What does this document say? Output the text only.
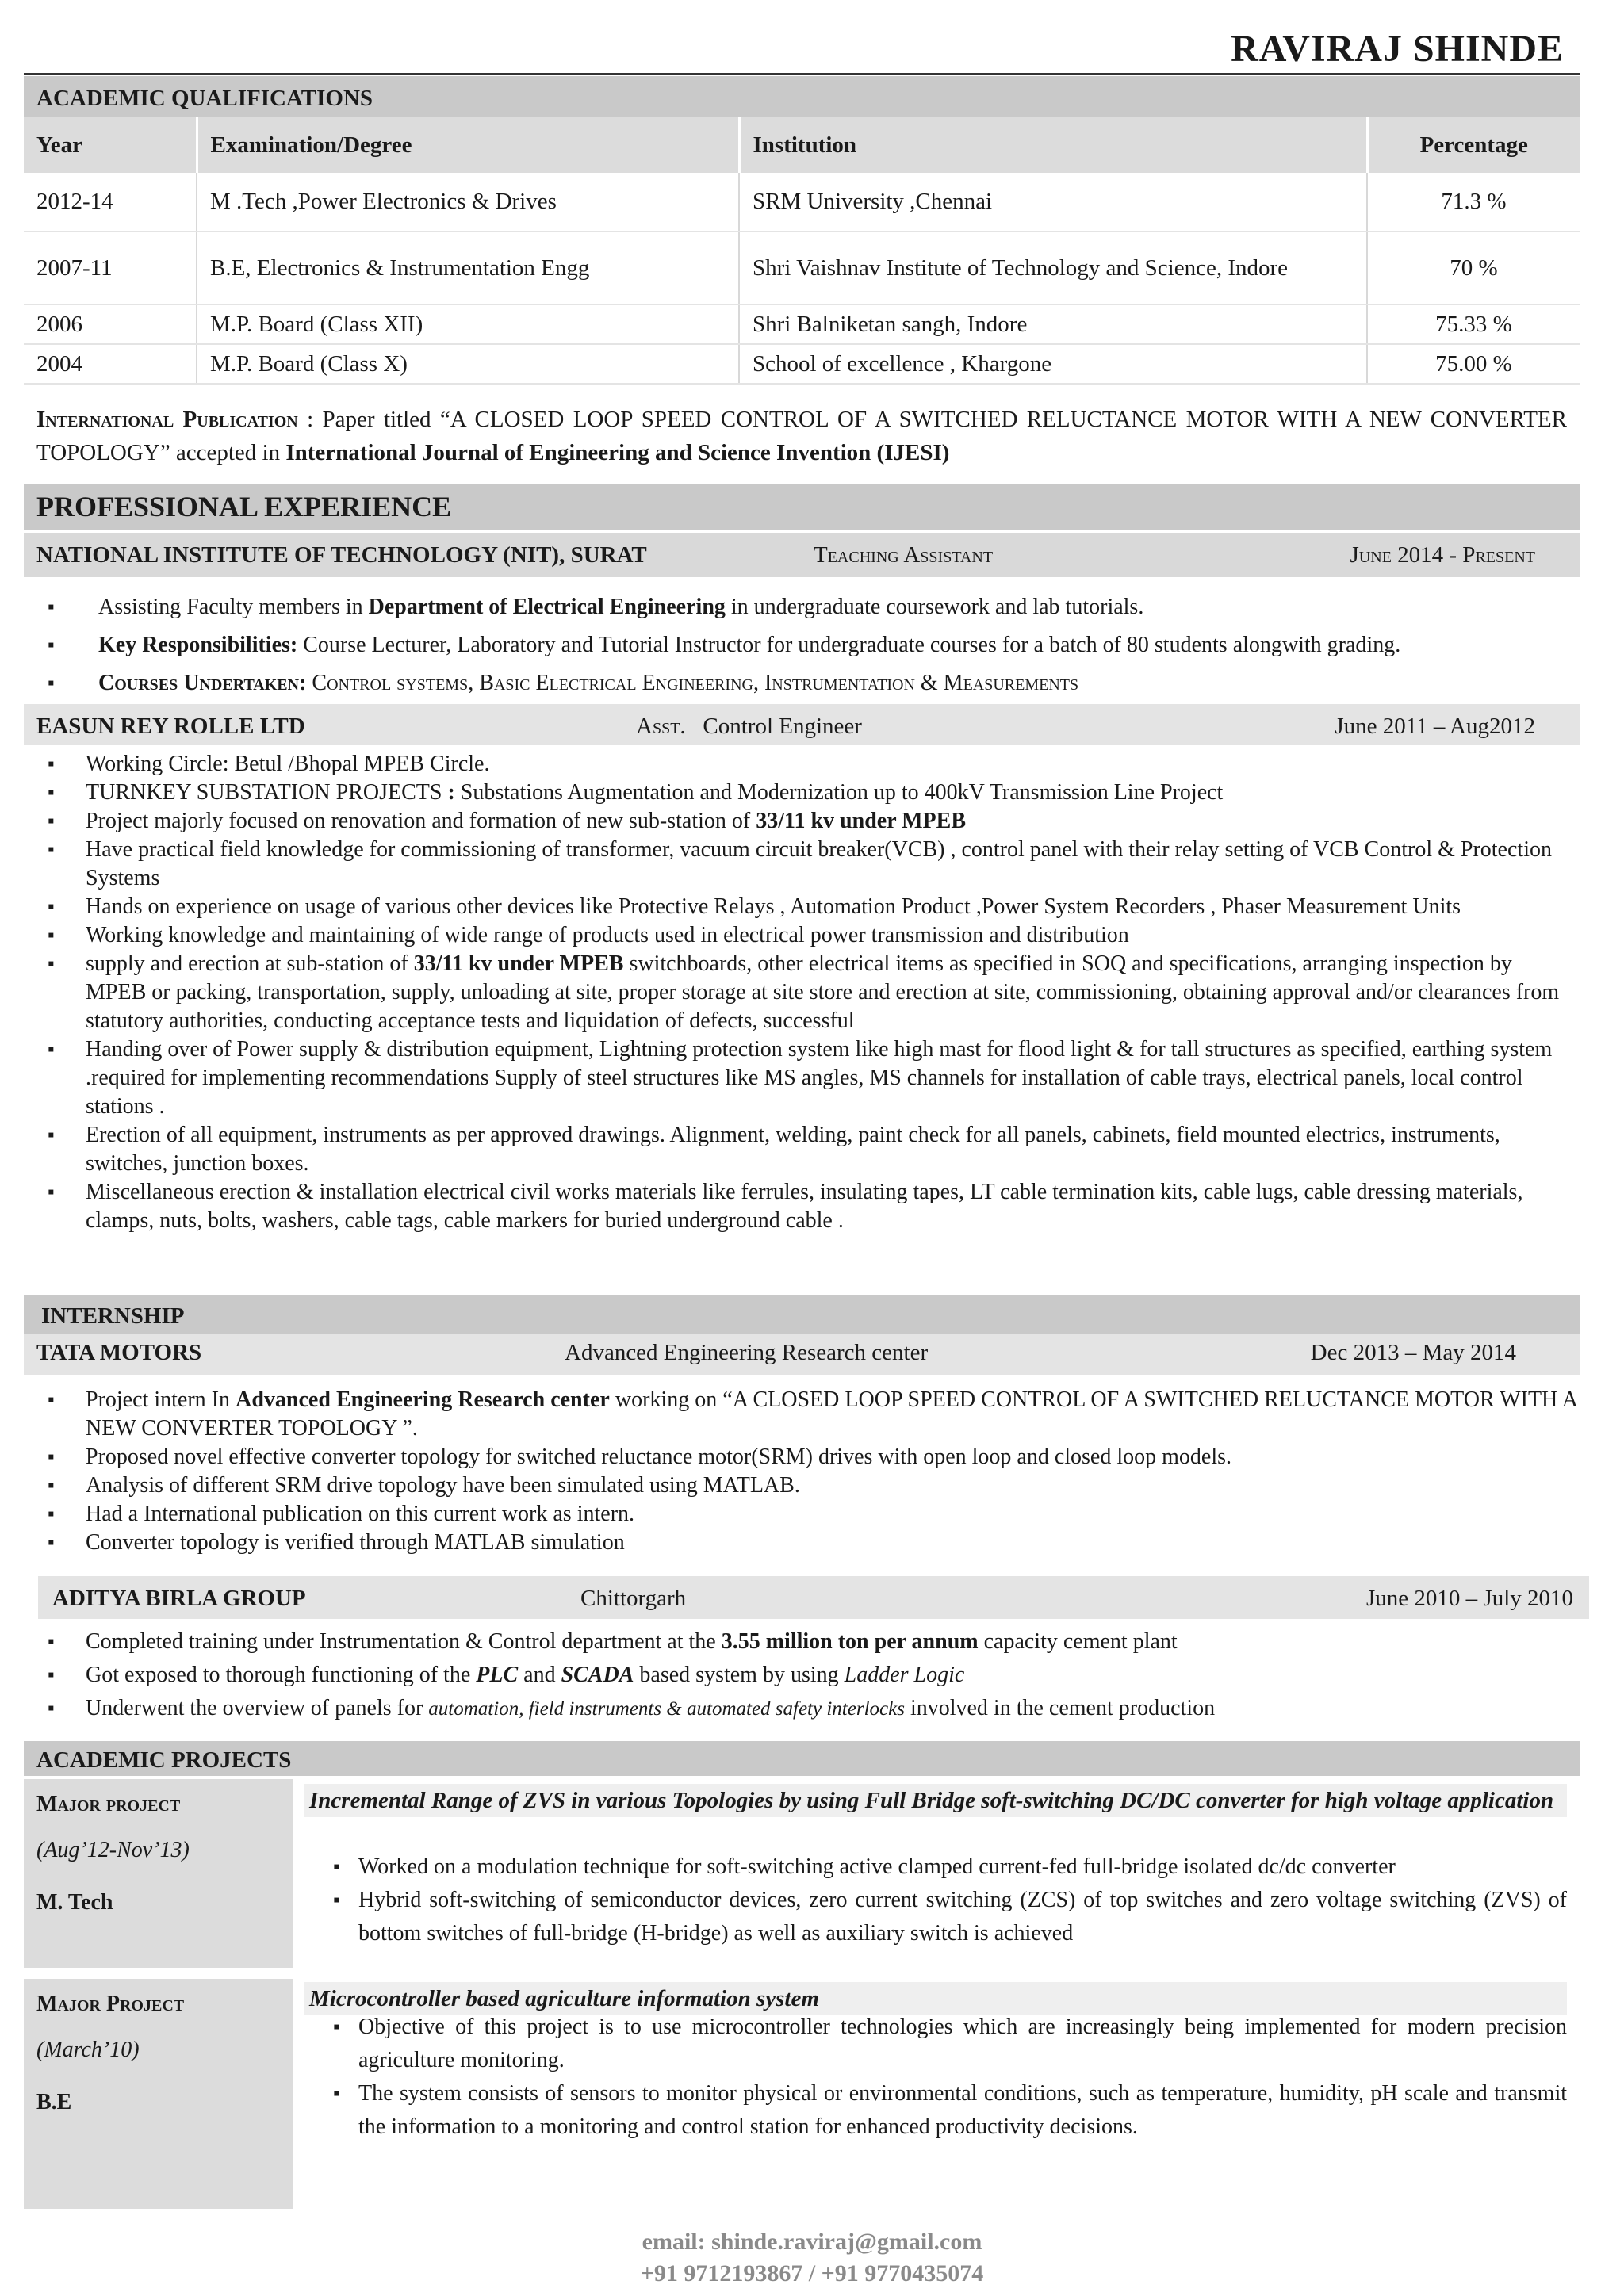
RAVIRAJ SHINDE
ACADEMIC QUALIFICATIONS
Year	Examination/Degree	Institution	Percentage
2012-14	M .Tech ,Power Electronics & Drives	SRM University ,Chennai	71.3 %
2007-11	B.E, Electronics & Instrumentation Engg	Shri Vaishnav Institute of Technology and Science, Indore	70 %
2006	M.P. Board (Class XII)	Shri Balniketan sangh, Indore	75.33 %
2004	M.P. Board (Class X)	School of excellence , Khargone	75.00 %
International Publication : Paper titled “A CLOSED LOOP SPEED CONTROL OF A SWITCHED RELUCTANCE MOTOR WITH A NEW CONVERTER TOPOLOGY” accepted in International Journal of Engineering and Science Invention (IJESI)
PROFESSIONAL EXPERIENCE
NATIONAL INSTITUTE OF TECHNOLOGY (NIT), SURAT	Teaching Assistant	June 2014 - Present
▪ Assisting Faculty members in Department of Electrical Engineering in undergraduate coursework and lab tutorials.
▪ Key Responsibilities: Course Lecturer, Laboratory and Tutorial Instructor for undergraduate courses for a batch of 80 students alongwith grading.
▪ Courses Undertaken: Control systems, Basic Electrical Engineering, Instrumentation & Measurements
EASUN REY ROLLE LTD	Asst. Control Engineer	June 2011 – Aug2012
▪ Working Circle: Betul /Bhopal MPEB Circle.
▪ TURNKEY SUBSTATION PROJECTS : Substations Augmentation and Modernization up to 400kV Transmission Line Project
▪ Project majorly focused on renovation and formation of new sub-station of 33/11 kv under MPEB
▪ Have practical field knowledge for commissioning of transformer, vacuum circuit breaker(VCB) , control panel with their relay setting of VCB Control & Protection Systems
▪ Hands on experience on usage of various other devices like Protective Relays , Automation Product ,Power System Recorders , Phaser Measurement Units
▪ Working knowledge and maintaining of wide range of products used in electrical power transmission and distribution
▪ supply and erection at sub-station of 33/11 kv under MPEB switchboards, other electrical items as specified in SOQ and specifications, arranging inspection by MPEB or packing, transportation, supply, unloading at site, proper storage at site store and erection at site, commissioning, obtaining approval and/or clearances from statutory authorities, conducting acceptance tests and liquidation of defects, successful
▪ Handing over of Power supply & distribution equipment, Lightning protection system like high mast for flood light & for tall structures as specified, earthing system .required for implementing recommendations Supply of steel structures like MS angles, MS channels for installation of cable trays, electrical panels, local control stations .
▪ Erection of all equipment, instruments as per approved drawings. Alignment, welding, paint check for all panels, cabinets, field mounted electrics, instruments, switches, junction boxes.
▪ Miscellaneous erection & installation electrical civil works materials like ferrules, insulating tapes, LT cable termination kits, cable lugs, cable dressing materials, clamps, nuts, bolts, washers, cable tags, cable markers for buried underground cable .
INTERNSHIP
TATA MOTORS	Advanced Engineering Research center	Dec 2013 – May 2014
▪ Project intern In Advanced Engineering Research center working on “A CLOSED LOOP SPEED CONTROL OF A SWITCHED RELUCTANCE MOTOR WITH A NEW CONVERTER TOPOLOGY ”.
▪ Proposed novel effective converter topology for switched reluctance motor(SRM) drives with open loop and closed loop models.
▪ Analysis of different SRM drive topology have been simulated using MATLAB.
▪ Had a International publication on this current work as intern.
▪ Converter topology is verified through MATLAB simulation
ADITYA BIRLA GROUP	Chittorgarh	June 2010 – July 2010
▪ Completed training under Instrumentation & Control department at the 3.55 million ton per annum capacity cement plant
▪ Got exposed to thorough functioning of the PLC and SCADA based system by using Ladder Logic
▪ Underwent the overview of panels for automation, field instruments & automated safety interlocks involved in the cement production
ACADEMIC PROJECTS
Major project
(Aug’12-Nov’13)
M. Tech
Incremental Range of ZVS in various Topologies by using Full Bridge soft-switching DC/DC converter for high voltage application
▪ Worked on a modulation technique for soft-switching active clamped current-fed full-bridge isolated dc/dc converter
▪ Hybrid soft-switching of semiconductor devices, zero current switching (ZCS) of top switches and zero voltage switching (ZVS) of bottom switches of full-bridge (H-bridge) as well as auxiliary switch is achieved
Major Project
(March’10)
B.E
Microcontroller based agriculture information system
▪ Objective of this project is to use microcontroller technologies which are increasingly being implemented for modern precision agriculture monitoring.
▪ The system consists of sensors to monitor physical or environmental conditions, such as temperature, humidity, pH scale and transmit the information to a monitoring and control station for enhanced productivity decisions.
email: shinde.raviraj@gmail.com
+91 9712193867 / +91 9770435074
